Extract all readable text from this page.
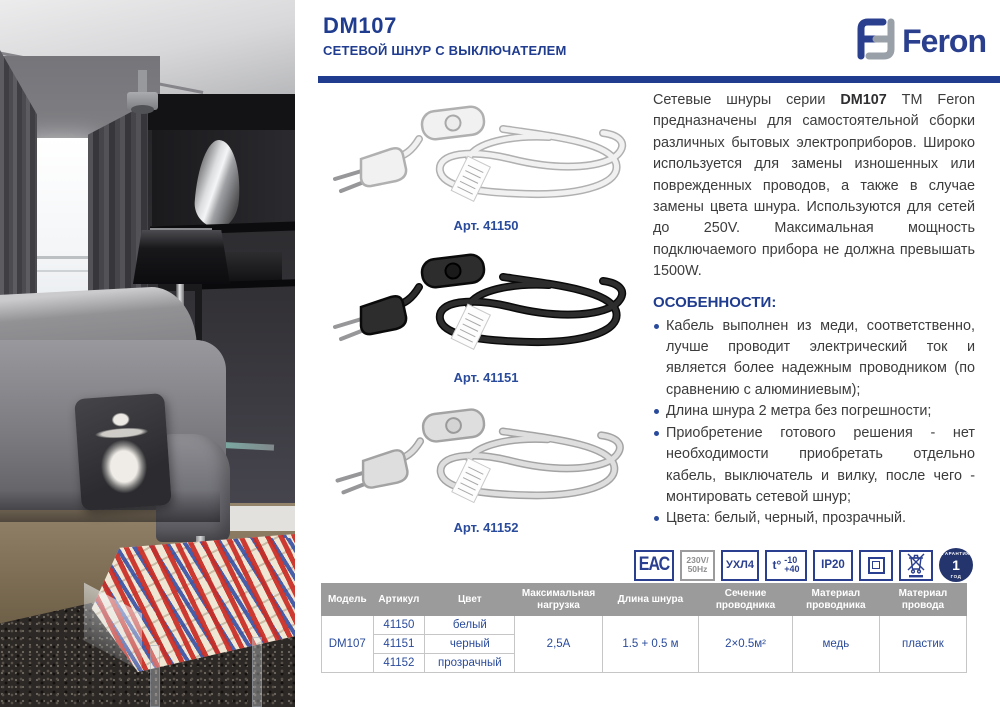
DM107
СЕТЕВОЙ ШНУР С ВЫКЛЮЧАТЕЛЕМ	Feron
Арт. 41150
Арт. 41151
Арт. 41152

Сетевые шнуры серии DM107 ТМ Feron предназначены для самостоятельной сборки различных бытовых электроприборов. Широко используется для замены изношенных или поврежденных проводов, а также в случае замены цвета шнура. Используются для сетей до 250V. Максимальная мощность подключаемого прибора не должна превышать 1500W.

ОСОБЕННОСТИ:
Кабель выполнен из меди, соответственно, лучше проводит электрический ток и является более надежным проводником (по сравнению с алюминиевым);
Длина шнура 2 метра без погрешности;
Приобретение готового решения - нет необходимости приобретать отдельно кабель, выключатель и вилку, после чего - монтировать сетевой шнур;
Цвета: белый, черный, прозрачный.
ЕАС 230V/
50Hz УХЛ4 t° -10
+40 IP20
ГАРАНТИЯ
1
ГОД
Модель	Артикул	Цвет	Максимальная нагрузка	Длина шнура	Сечение проводника	Материал проводника	Материал провода
DM107	41150	белый	2,5А	1.5 + 0.5 м	2×0.5м²	медь	пластик
	41151	черный					
	41152	прозрачный					
